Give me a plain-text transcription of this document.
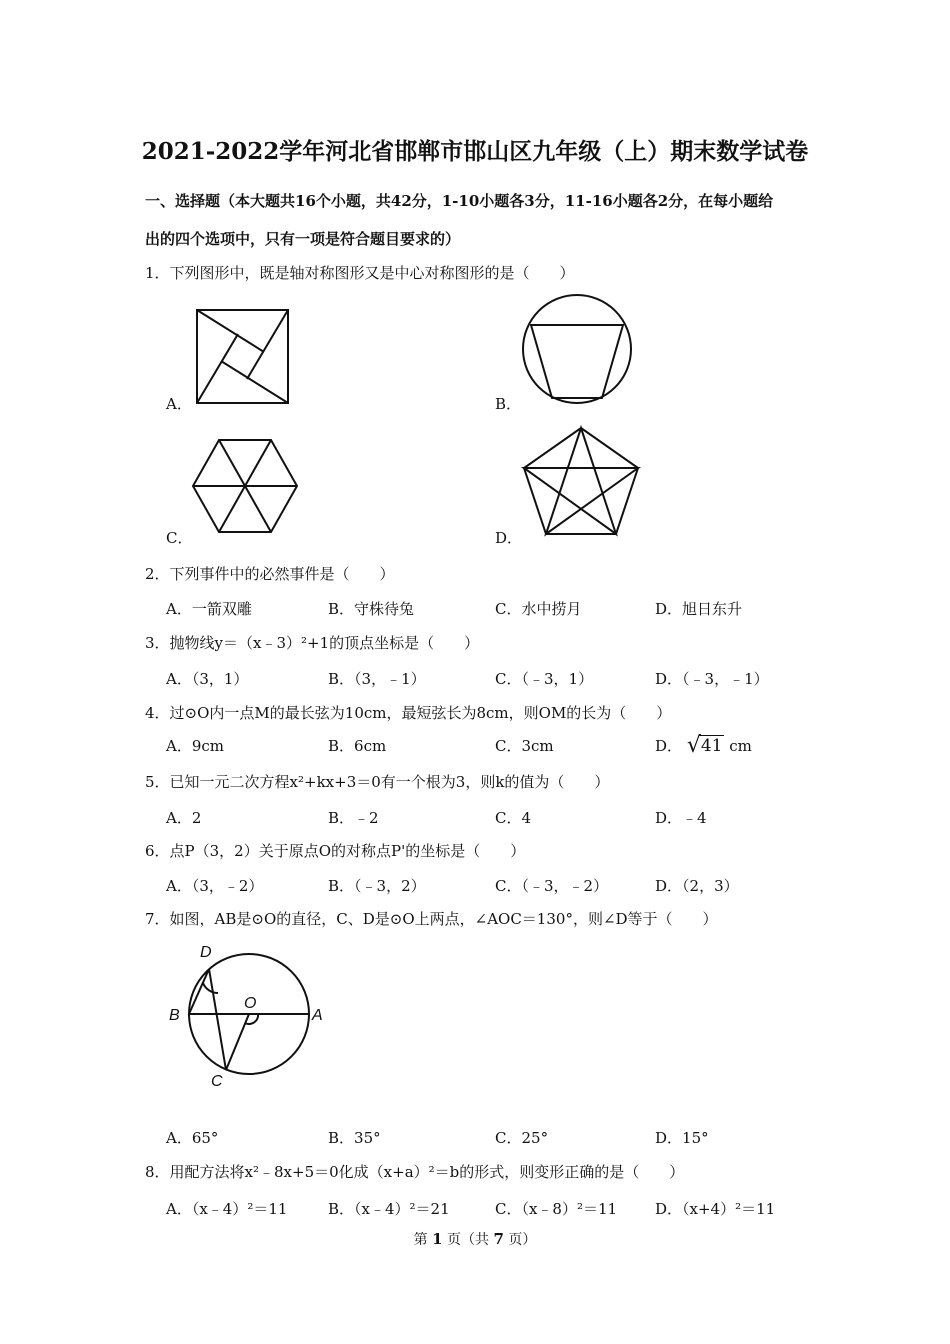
2021-2022学年河北省邯郸市邯山区九年级（上）期末数学试卷
一、选择题（本大题共16个小题，共42分，1-10小题各3分，11-16小题各2分，在每小题给
出的四个选项中，只有一项是符合题目要求的）
1．下列图形中，既是轴对称图形又是中心对称图形的是（　　）
A．	B．
C．	D．
2．下列事件中的必然事件是（　　）
A．一箭双雕	B．守株待兔	C．水中捞月	D．旭日东升
3．抛物线y＝（x﹣3）²+1的顶点坐标是（　　）
A．（3，1）	B．（3，﹣1）	C．（﹣3，1）	D．（﹣3，﹣1）
4．过⊙O内一点M的最长弦为10cm，最短弦长为8cm，则OM的长为（　　）
A．9cm	B．6cm	C．3cm	D． √ 41 cm
5．已知一元二次方程x²+kx+3＝0有一个根为3，则k的值为（　　）
A．2	B．﹣2	C．4	D．﹣4
6．点P（3，2）关于原点O的对称点P'的坐标是（　　）
A．（3，﹣2）	B．（﹣3，2）	C．（﹣3，﹣2）	D．（2，3）
7．如图，AB是⊙O的直径，C、D是⊙O上两点，∠AOC＝130°，则∠D等于（　　）
D
B
O
A
C
A．65°	B．35°	C．25°	D．15°
8．用配方法将x²﹣8x+5＝0化成（x+a）²＝b的形式，则变形正确的是（　　）
A．（x﹣4）²＝11	B．（x﹣4）²＝21	C．（x﹣8）²＝11	D．（x+4）²＝11
第 1 页（共 7 页）
